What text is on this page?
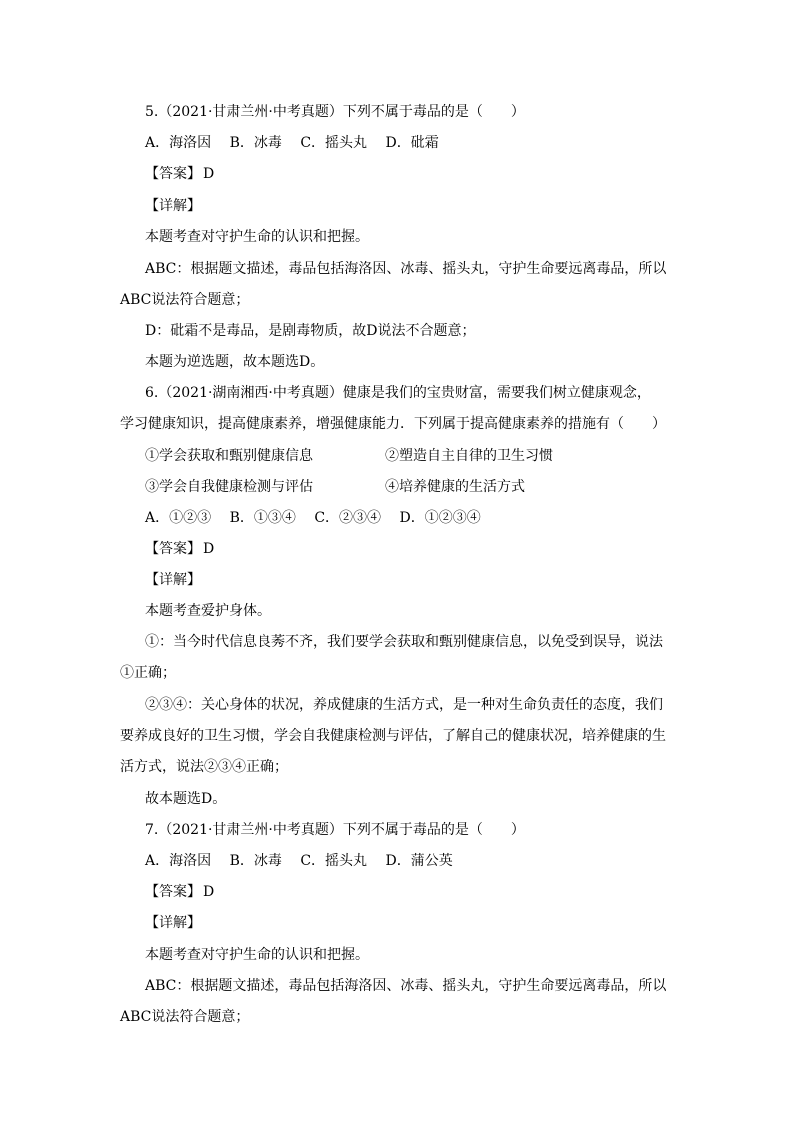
5.（2021·甘肃兰州·中考真题）下列不属于毒品的是（　　）
A．海洛因 B．冰毒 C．摇头丸 D．砒霜
【答案】 D
【详解】
本题考查对守护生命的认识和把握。
ABC：根据题文描述，毒品包括海洛因、冰毒、摇头丸，守护生命要远离毒品，所以
ABC说法符合题意；
D：砒霜不是毒品，是剧毒物质，故D说法不合题意；
本题为逆选题，故本题选D。
6.（2021·湖南湘西·中考真题）健康是我们的宝贵财富，需要我们树立健康观念，
学习健康知识，提高健康素养，增强健康能力．下列属于提高健康素养的措施有（　　）
①学会获取和甄别健康信息	②塑造自主自律的卫生习惯
③学会自我健康检测与评估	④培养健康的生活方式
A．①②③ B．①③④ C．②③④ D．①②③④
【答案】 D
【详解】
本题考查爱护身体。
①：当今时代信息良莠不齐，我们要学会获取和甄别健康信息，以免受到误导，说法
①正确；
②③④：关心身体的状况，养成健康的生活方式，是一种对生命负责任的态度，我们
要养成良好的卫生习惯，学会自我健康检测与评估，了解自己的健康状况，培养健康的生
活方式，说法②③④正确；
故本题选D。
7.（2021·甘肃兰州·中考真题）下列不属于毒品的是（　　）
A．海洛因 B．冰毒 C．摇头丸 D．蒲公英
【答案】 D
【详解】
本题考查对守护生命的认识和把握。
ABC：根据题文描述，毒品包括海洛因、冰毒、摇头丸，守护生命要远离毒品，所以
ABC说法符合题意；
